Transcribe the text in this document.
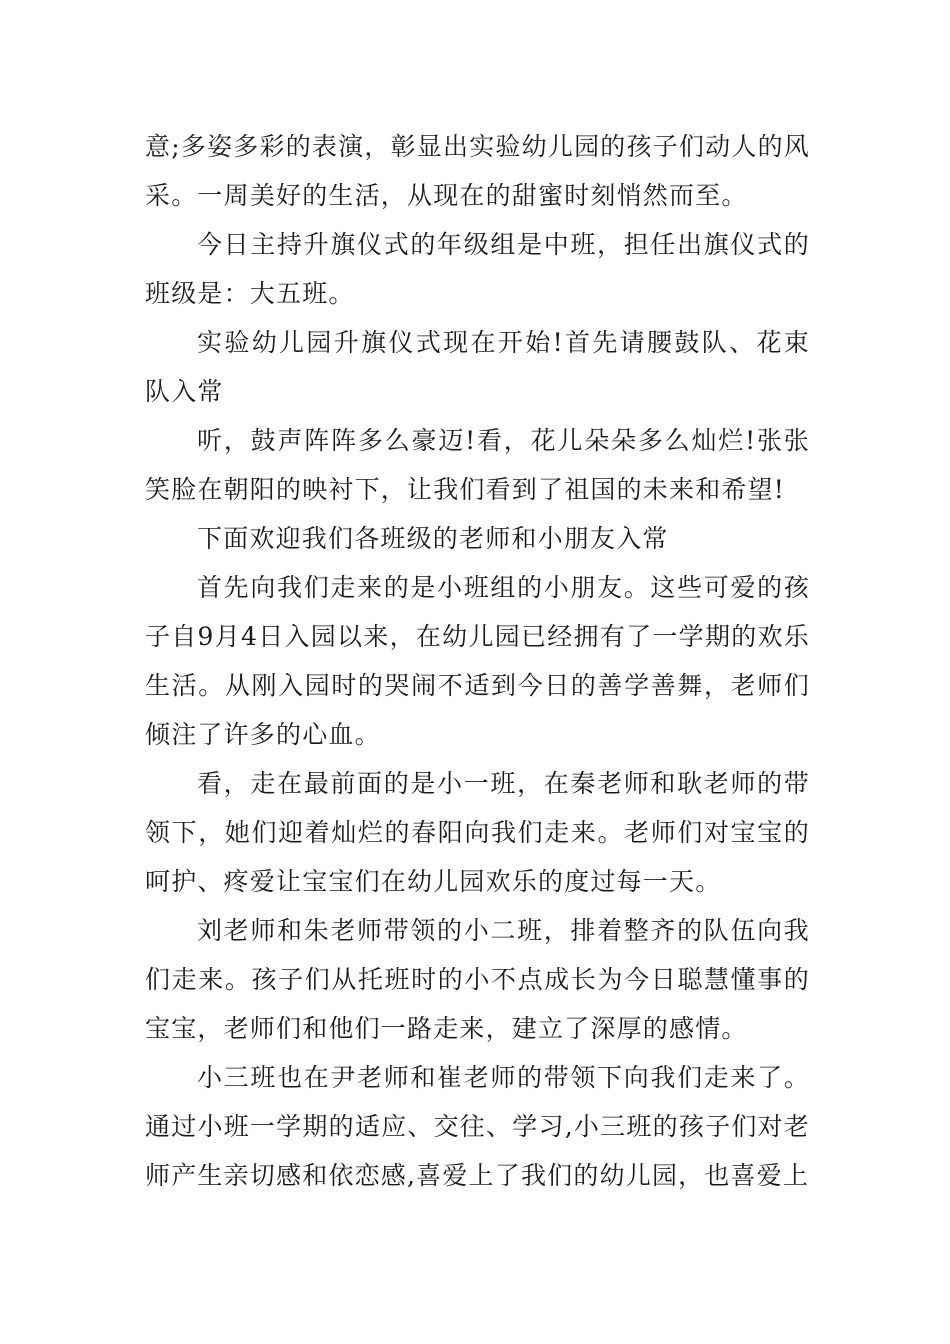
意;多姿多彩的表演，彰显出实验幼儿园的孩子们动人的风采。一周美好的生活，从现在的甜蜜时刻悄然而至。

今日主持升旗仪式的年级组是中班，担任出旗仪式的班级是：大五班。

实验幼儿园升旗仪式现在开始!首先请腰鼓队、花束队入常

听，鼓声阵阵多么豪迈!看，花儿朵朵多么灿烂!张张笑脸在朝阳的映衬下，让我们看到了祖国的未来和希望!

下面欢迎我们各班级的老师和小朋友入常

首先向我们走来的是小班组的小朋友。这些可爱的孩子自9月4日入园以来，在幼儿园已经拥有了一学期的欢乐生活。从刚入园时的哭闹不适到今日的善学善舞，老师们倾注了许多的心血。

看，走在最前面的是小一班，在秦老师和耿老师的带领下，她们迎着灿烂的春阳向我们走来。老师们对宝宝的呵护、疼爱让宝宝们在幼儿园欢乐的度过每一天。

刘老师和朱老师带领的小二班，排着整齐的队伍向我们走来。孩子们从托班时的小不点成长为今日聪慧懂事的宝宝，老师们和他们一路走来，建立了深厚的感情。

小三班也在尹老师和崔老师的带领下向我们走来了。通过小班一学期的适应、交往、学习,小三班的孩子们对老师产生亲切感和依恋感,喜爱上了我们的幼儿园，也喜爱上
